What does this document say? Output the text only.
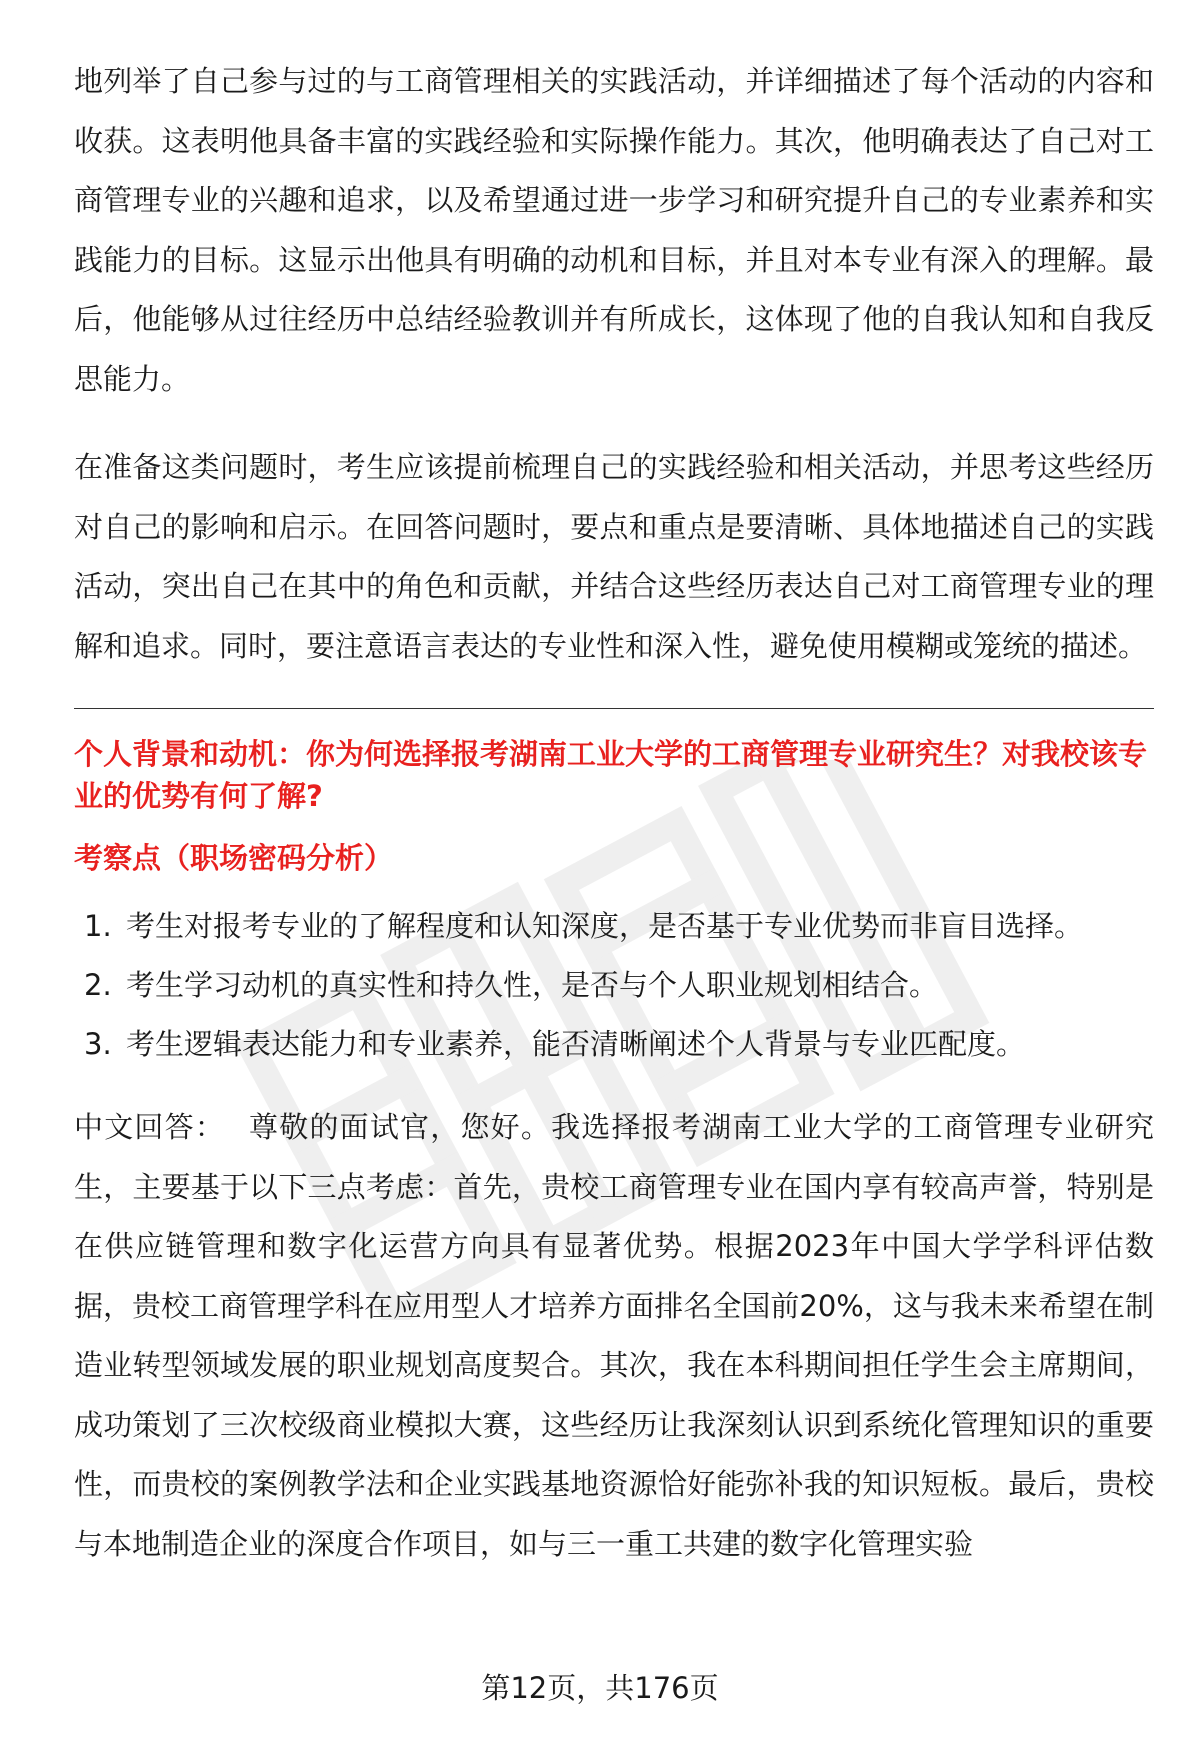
地列举了自己参与过的与工商管理相关的实践活动，并详细描述了每个活动的内容和收获。这表明他具备丰富的实践经验和实际操作能力。其次，他明确表达了自己对工商管理专业的兴趣和追求，以及希望通过进一步学习和研究提升自己的专业素养和实践能力的目标。这显示出他具有明确的动机和目标，并且对本专业有深入的理解。最后，他能够从过往经历中总结经验教训并有所成长，这体现了他的自我认知和自我反思能力。

在准备这类问题时，考生应该提前梳理自己的实践经验和相关活动，并思考这些经历对自己的影响和启示。在回答问题时，要点和重点是要清晰、具体地描述自己的实践活动，突出自己在其中的角色和贡献，并结合这些经历表达自己对工商管理专业的理解和追求。同时，要注意语言表达的专业性和深入性，避免使用模糊或笼统的描述。

个人背景和动机：你为何选择报考湖南工业大学的工商管理专业研究生？对我校该专业的优势有何了解?
考察点（职场密码分析）
1. 考生对报考专业的了解程度和认知深度，是否基于专业优势而非盲目选择。
2. 考生学习动机的真实性和持久性，是否与个人职业规划相结合。
3. 考生逻辑表达能力和专业素养，能否清晰阐述个人背景与专业匹配度。

中文回答： 尊敬的面试官，您好。我选择报考湖南工业大学的工商管理专业研究生，主要基于以下三点考虑：首先，贵校工商管理专业在国内享有较高声誉，特别是在供应链管理和数字化运营方向具有显著优势。根据2023年中国大学学科评估数据，贵校工商管理学科在应用型人才培养方面排名全国前20%，这与我未来希望在制造业转型领域发展的职业规划高度契合。其次，我在本科期间担任学生会主席期间，成功策划了三次校级商业模拟大赛，这些经历让我深刻认识到系统化管理知识的重要性，而贵校的案例教学法和企业实践基地资源恰好能弥补我的知识短板。最后，贵校与本地制造企业的深度合作项目，如与三一重工共建的数字化管理实验

第12页，共176页
